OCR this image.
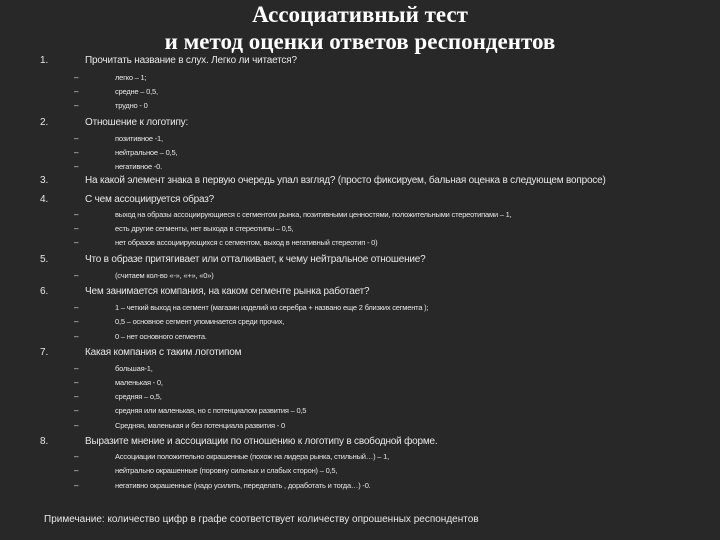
Ассоциативный тест
и метод оценки ответов респондентов
1.	Прочитать название в слух. Легко ли читается?
–	легко – 1;
–	средне – 0,5,
–	трудно - 0
2.	Отношение к логотипу:
–	позитивное -1,
–	нейтральное – 0,5,
–	негативное -0.
3.	На какой элемент знака в первую очередь упал взгляд? (просто фиксируем, бальная оценка в следующем вопросе)
4.	С чем ассоциируется образ?
–	выход на образы ассоциирующиеся с сегментом рынка, позитивными ценностями, положительными стереотипами – 1,
–	есть другие сегменты, нет выхода в стереотипы – 0,5,
–	нет образов ассоциирующихся с сегментом, выход в негативный стереотип - 0)
5.	Что в образе притягивает или отталкивает, к чему нейтральное отношение?
–	(считаем кол-во «-», «+», «0»)
6.	Чем занимается компания, на каком сегменте рынка работает?
–	1 – четкий выход на сегмент (магазин изделий из серебра + названо еще 2 близких сегмента );
–	0,5 – основное сегмент упоминается среди прочих,
–	0 – нет основного сегмента.
7.	Какая компания с таким логотипом
–	большая-1,
–	маленькая - 0,
–	средняя – о,5,
–	средняя или маленькая, но с потенциалом развития – 0,5
–	Средняя, маленькая и без потенциала развития - 0
8.	Выразите мнение и ассоциации по отношению к логотипу в свободной форме.
–	Ассоциации положительно окрашенные (похож на лидера рынка, стильный…) – 1,
–	нейтрально окрашенные (поровну сильных и слабых сторон) – 0,5,
–	негативно окрашенные (надо усилить, переделать , доработать и тогда…) -0.
Примечание: количество цифр в графе соответствует количеству опрошенных респондентов
